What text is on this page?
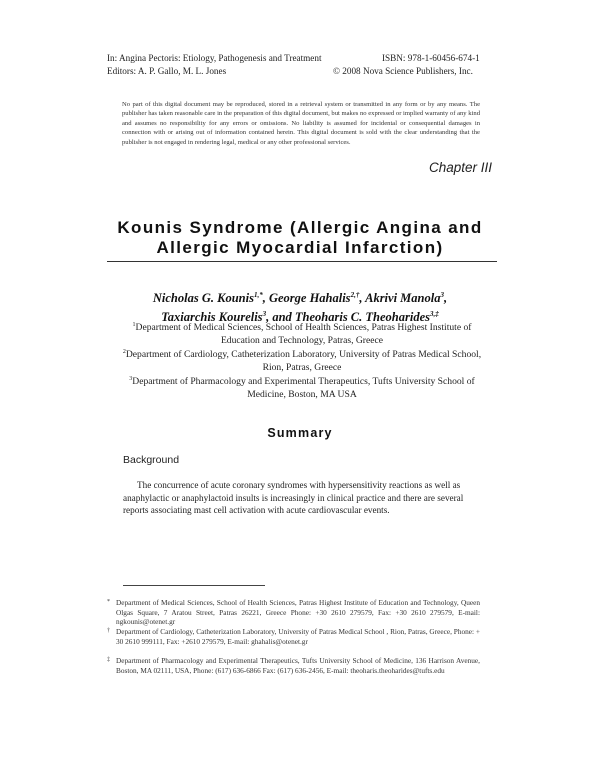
In: Angina Pectoris: Etiology, Pathogenesis and Treatment
Editors: A. P. Gallo, M. L. Jones
ISBN: 978-1-60456-674-1
© 2008 Nova Science Publishers, Inc.
No part of this digital document may be reproduced, stored in a retrieval system or transmitted in any form or by any means. The publisher has taken reasonable care in the preparation of this digital document, but makes no expressed or implied warranty of any kind and assumes no responsibility for any errors or omissions. No liability is assumed for incidental or consequential damages in connection with or arising out of information contained herein. This digital document is sold with the clear understanding that the publisher is not engaged in rendering legal, medical or any other professional services.
Chapter III
Kounis Syndrome (Allergic Angina and
Allergic Myocardial Infarction)
Nicholas G. Kounis$^{1,*}$, George Hahalis$^{2,\dagger}$, Akrivi Manola$^3$,
Taxiarchis Kourelis$^3$, and Theoharis C. Theoharides$^{3,\ddagger}$
$^1$Department of Medical Sciences, School of Health Sciences, Patras Highest Institute of Education and Technology, Patras, Greece
$^2$Department of Cardiology, Catheterization Laboratory, University of Patras Medical School, Rion, Patras, Greece
$^3$Department of Pharmacology and Experimental Therapeutics, Tufts University School of Medicine, Boston, MA USA
Summary
Background
The concurrence of acute coronary syndromes with hypersensitivity reactions as well as anaphylactic or anaphylactoid insults is increasingly in clinical practice and there are several reports associating mast cell activation with acute cardiovascular events.
* Department of Medical Sciences, School of Health Sciences, Patras Highest Institute of Education and Technology, Queen Olgas Square, 7 Aratou Street, Patras 26221, Greece Phone: +30 2610 279579, Fax: +30 2610 279579, E-mail: ngkounis@otenet.gr
† Department of Cardiology, Catheterization Laboratory, University of Patras Medical School , Rion, Patras, Greece, Phone: + 30 2610 999111, Fax: +2610 279579, E-mail: ghahalis@otenet.gr
‡ Department of Pharmacology and Experimental Therapeutics, Tufts University School of Medicine, 136 Harrison Avenue, Boston, MA 02111, USA, Phone: (617) 636-6866 Fax: (617) 636-2456, E-mail: theoharis.theoharides@tufts.edu
